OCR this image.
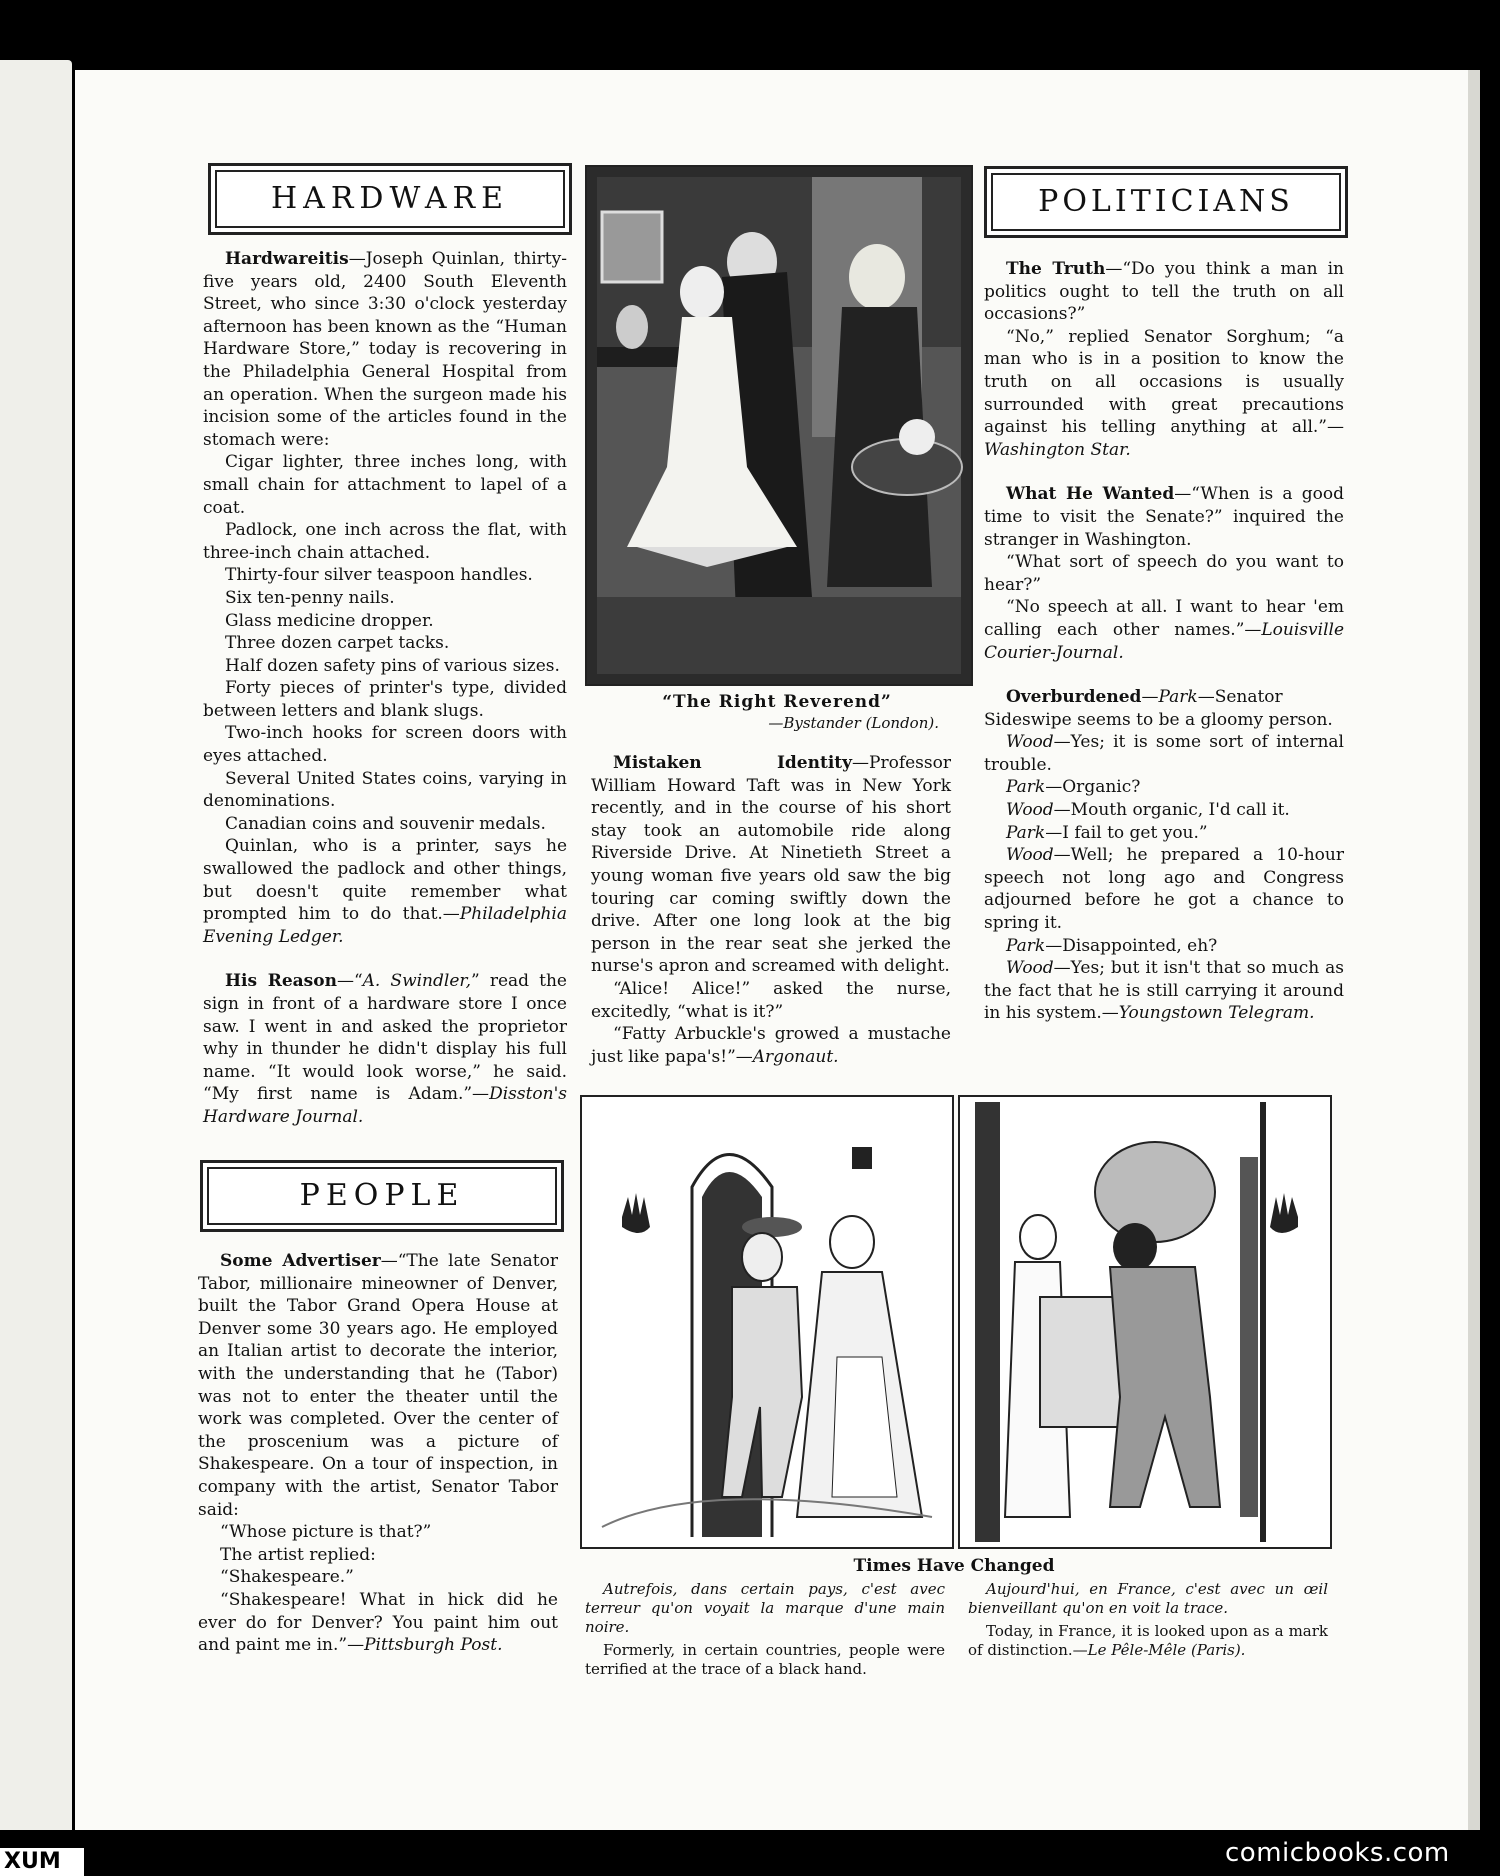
HARDWARE	POLITICIANS
PEOPLE

Hardwareitis—Joseph Quinlan, thirty-five years old, 2400 South Eleventh Street, who since 3:30 o'clock yesterday afternoon has been known as the “Human Hardware Store,” today is recovering in the Philadelphia General Hospital from an operation. When the surgeon made his incision some of the articles found in the stomach were:

Cigar lighter, three inches long, with small chain for attachment to lapel of a coat.

Padlock, one inch across the flat, with three-inch chain attached.

Thirty-four silver teaspoon handles.

Six ten-penny nails.

Glass medicine dropper.

Three dozen carpet tacks.

Half dozen safety pins of various sizes.

Forty pieces of printer's type, divided between letters and blank slugs.

Two-inch hooks for screen doors with eyes attached.

Several United States coins, varying in denominations.

Canadian coins and souvenir medals.

Quinlan, who is a printer, says he swallowed the padlock and other things, but doesn't quite remember what prompted him to do that.—Philadelphia Evening Ledger.

His Reason—“A. Swindler,” read the sign in front of a hardware store I once saw. I went in and asked the proprietor why in thunder he didn't display his full name. “It would look worse,” he said. “My first name is Adam.”—Disston's Hardware Journal.

Some Advertiser—“The late Senator Tabor, millionaire mineowner of Denver, built the Tabor Grand Opera House at Denver some 30 years ago. He employed an Italian artist to decorate the interior, with the understanding that he (Tabor) was not to enter the theater until the work was completed. Over the center of the proscenium was a picture of Shakespeare. On a tour of inspection, in company with the artist, Senator Tabor said:

“Whose picture is that?”

The artist replied:

“Shakespeare.”

“Shakespeare! What in hick did he ever do for Denver? You paint him out and paint me in.”—Pittsburgh Post.

“The Right Reverend”
—Bystander (London).

Mistaken Identity—Professor William Howard Taft was in New York recently, and in the course of his short stay took an automobile ride along Riverside Drive. At Ninetieth Street a young woman five years old saw the big touring car coming swiftly down the drive. After one long look at the big person in the rear seat she jerked the nurse's apron and screamed with delight.

“Alice! Alice!” asked the nurse, excitedly, “what is it?”

“Fatty Arbuckle's growed a mustache just like papa's!”—Argonaut.

The Truth—“Do you think a man in politics ought to tell the truth on all occasions?”

“No,” replied Senator Sorghum; “a man who is in a position to know the truth on all occasions is usually surrounded with great precautions against his telling anything at all.”—Washington Star.

What He Wanted—“When is a good time to visit the Senate?” inquired the stranger in Washington.

“What sort of speech do you want to hear?”

“No speech at all. I want to hear 'em calling each other names.”—Louisville Courier-Journal.

Overburdened—Park—Senator Sideswipe seems to be a gloomy person.

Wood—Yes; it is some sort of internal trouble.

Park—Organic?

Wood—Mouth organic, I'd call it.

Park—I fail to get you.”

Wood—Well; he prepared a 10-hour speech not long ago and Congress adjourned before he got a chance to spring it.

Park—Disappointed, eh?

Wood—Yes; but it isn't that so much as the fact that he is still carrying it around in his system.—Youngstown Telegram.

Times Have Changed

Autrefois, dans certain pays, c'est avec terreur qu'on voyait la marque d'une main noire.

Formerly, in certain countries, people were terrified at the trace of a black hand.

Aujourd'hui, en France, c'est avec un œil bienveillant qu'on en voit la trace.

Today, in France, it is looked upon as a mark of distinction.—Le Pêle-Mêle (Paris).

XUM	comicbooks.com
